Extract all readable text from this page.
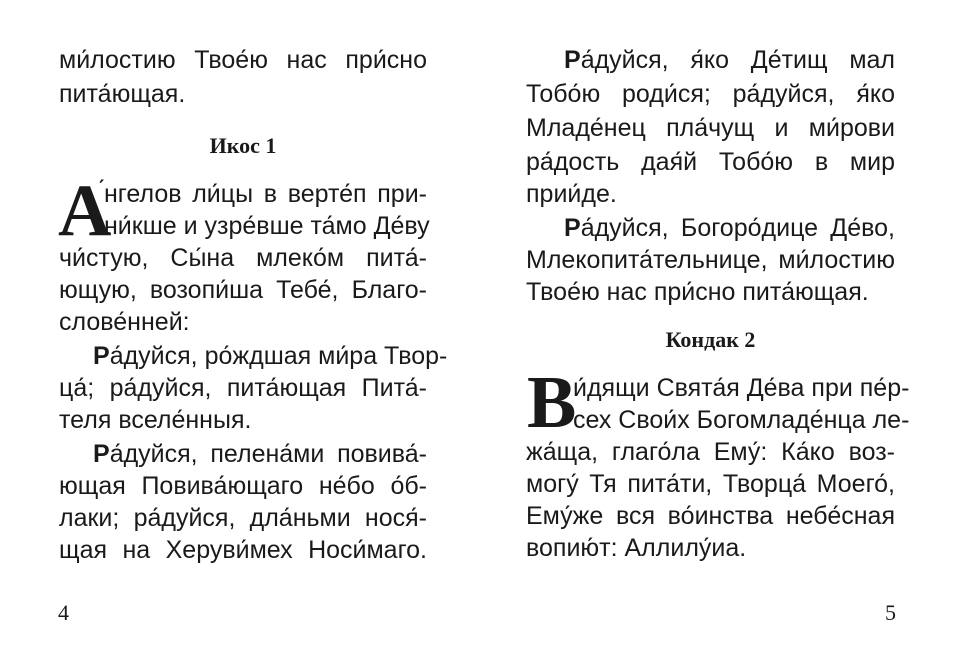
ми́лостию Твое́ю нас при́сно
пита́ющая.
Икос 1
А
́нгелов ли́цы в верте́п при-
ни́кше и узре́вше та́мо Де́ву
чи́стую, Сы́на млеко́м пита́-
ющую, возопи́ша Тебе́, Благо-
слове́нней:
Ра́дуйся, ро́ждшая ми́ра Твор-
ца́; ра́дуйся, пита́ющая Пита́-
теля вселе́нныя.
Ра́дуйся, пелена́ми повива́-
ющая Повива́ющаго не́бо о́б-
лаки; ра́дуйся, дла́ньми нося́-
щая на Херуви́мех Носи́маго.
4
Ра́дуйся, я́ко Де́тищ мал
Тобо́ю роди́ся; ра́дуйся, я́ко
Младе́нец пла́чущ и ми́рови
ра́дость дая́й Тобо́ю в мир
прии́де.
Ра́дуйся, Богоро́дице Де́во,
Млекопита́тельнице, ми́лостию
Твое́ю нас при́сно пита́ющая.
Кондак 2
В
и́дящи Свята́я Де́ва при пе́р-
сех Свои́х Богомладе́нца ле-
жа́ща, глаго́ла Ему́: Ка́ко воз-
могу́ Тя пита́ти, Творца́ Моего́,
Ему́же вся во́инства небе́сная
вопию́т: Аллилу́иа.
5
